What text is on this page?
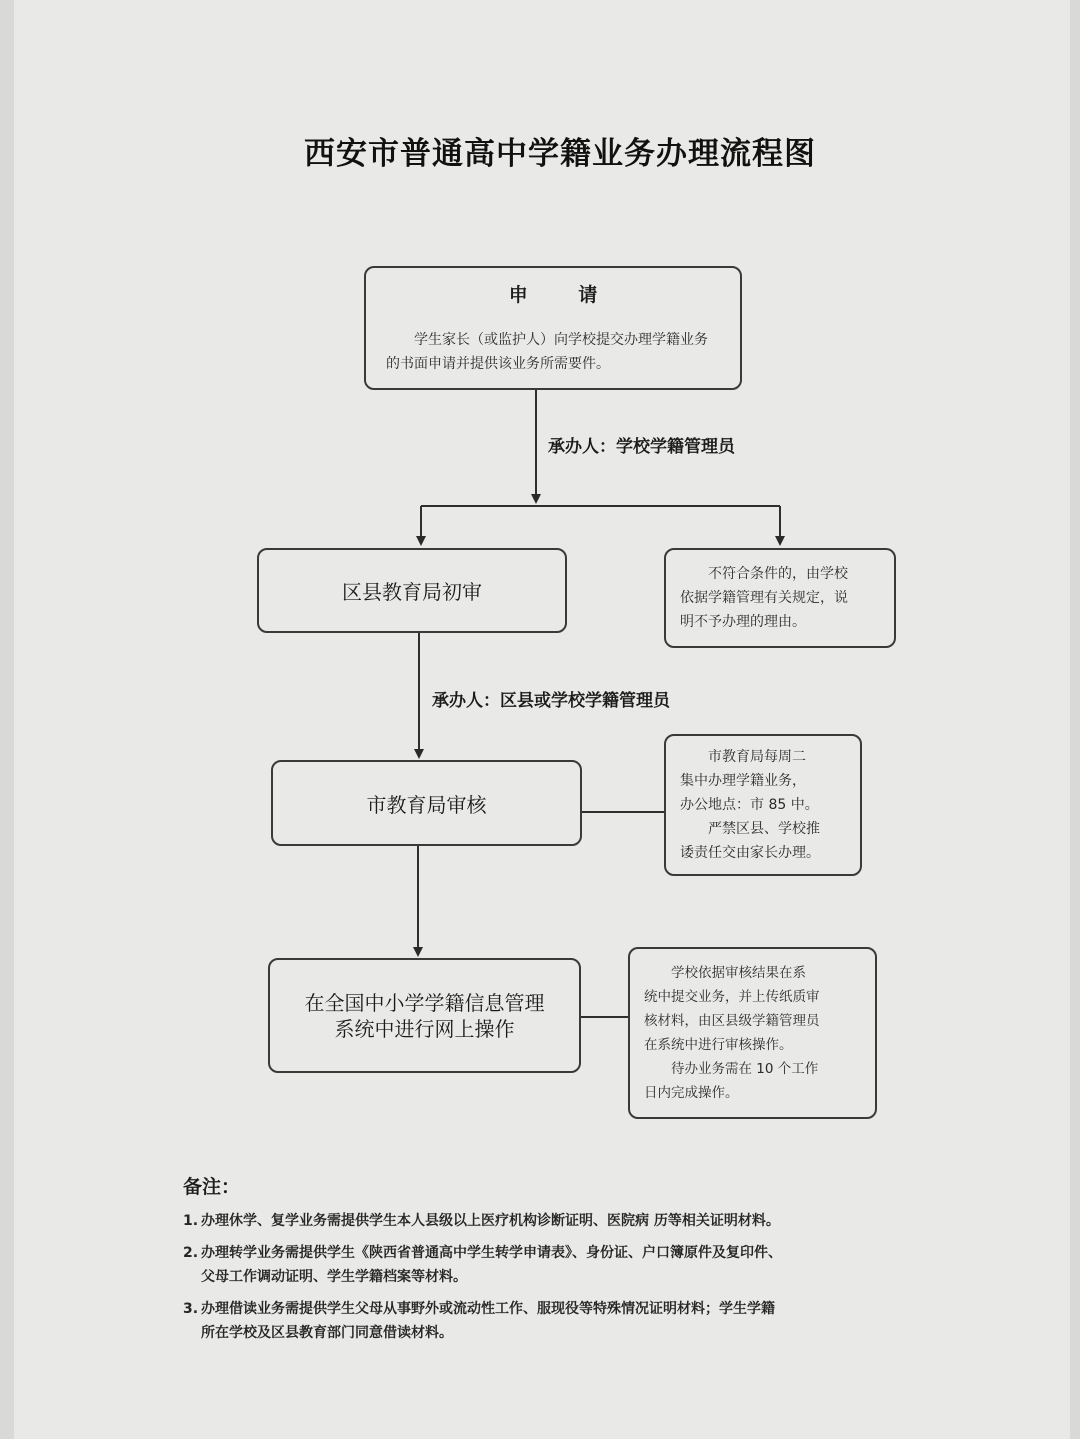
西安市普通高中学籍业务办理流程图
申 请
学生家长（或监护人）向学校提交办理学籍业务的书面申请并提供该业务所需要件。
承办人：学校学籍管理员
区县教育局初审
不符合条件的，由学校
依据学籍管理有关规定，说
明不予办理的理由。
承办人：区县或学校学籍管理员
市教育局审核
市教育局每周二
集中办理学籍业务，
办公地点：市 85 中。
严禁区县、学校推
诿责任交由家长办理。
在全国中小学学籍信息管理
系统中进行网上操作
学校依据审核结果在系
统中提交业务，并上传纸质审
核材料，由区县级学籍管理员
在系统中进行审核操作。
待办业务需在 10 个工作
日内完成操作。
备注：
1. 办理休学、复学业务需提供学生本人县级以上医疗机构诊断证明、医院病 历等相关证明材料。
2. 办理转学业务需提供学生《陕西省普通高中学生转学申请表》、身份证、户口簿原件及复印件、
父母工作调动证明、学生学籍档案等材料。
3. 办理借读业务需提供学生父母从事野外或流动性工作、服现役等特殊情况证明材料；学生学籍
所在学校及区县教育部门同意借读材料。
